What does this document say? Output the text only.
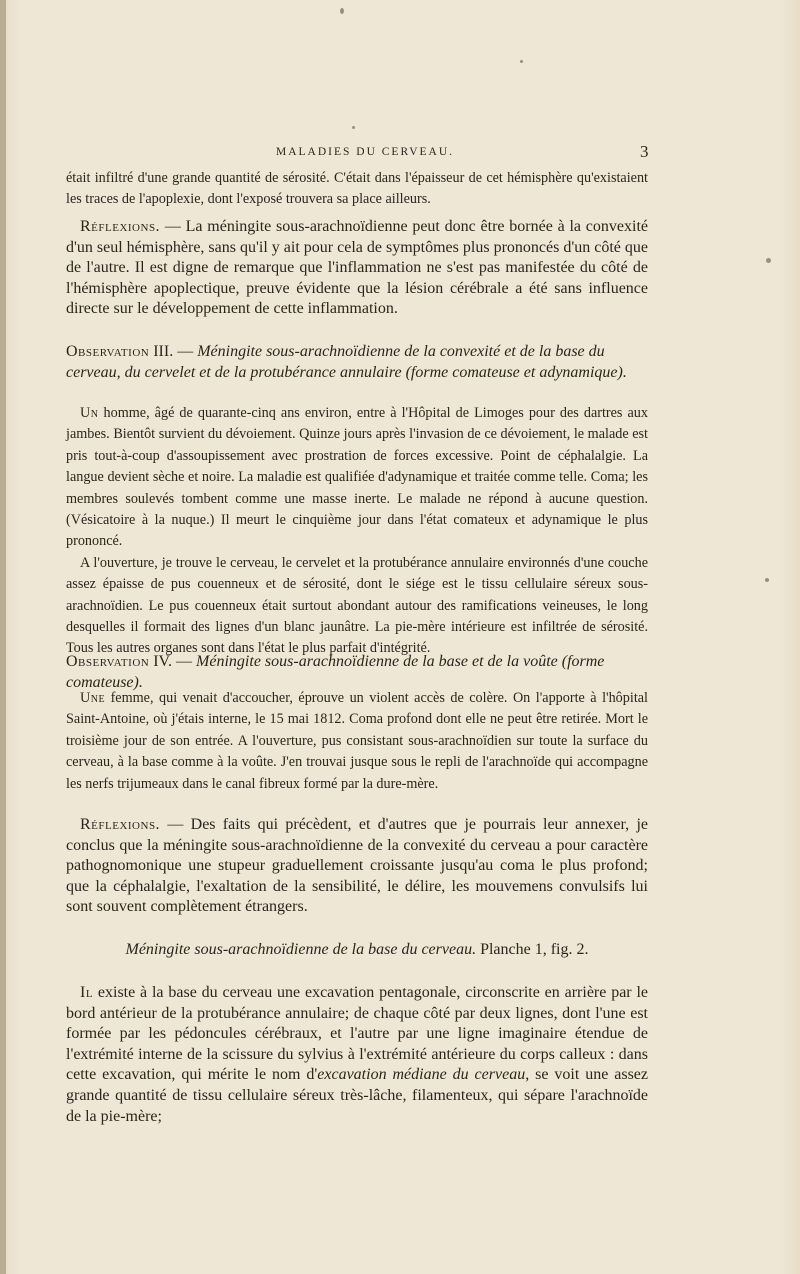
MALADIES DU CERVEAU.	3

était infiltré d'une grande quantité de sérosité. C'était dans l'épaisseur de cet hémisphère qu'existaient les traces de l'apoplexie, dont l'exposé trouvera sa place ailleurs.

Réflexions. — La méningite sous-arachnoïdienne peut donc être bornée à la convexité d'un seul hémisphère, sans qu'il y ait pour cela de symptômes plus prononcés d'un côté que de l'autre. Il est digne de remarque que l'inflammation ne s'est pas manifestée du côté de l'hémisphère apoplectique, preuve évidente que la lésion cérébrale a été sans influence directe sur le développement de cette inflammation.

Observation III. — Méningite sous-arachnoïdienne de la convexité et de la base du cerveau, du cervelet et de la protubérance annulaire (forme comateuse et adynamique).

Un homme, âgé de quarante-cinq ans environ, entre à l'Hôpital de Limoges pour des dartres aux jambes. Bientôt survient du dévoiement. Quinze jours après l'invasion de ce dévoiement, le malade est pris tout-à-coup d'assoupissement avec prostration de forces excessive. Point de céphalalgie. La langue devient sèche et noire. La maladie est qualifiée d'adynamique et traitée comme telle. Coma; les membres soulevés tombent comme une masse inerte. Le malade ne répond à aucune question. (Vésicatoire à la nuque.) Il meurt le cinquième jour dans l'état comateux et adynamique le plus prononcé.

A l'ouverture, je trouve le cerveau, le cervelet et la protubérance annulaire environnés d'une couche assez épaisse de pus couenneux et de sérosité, dont le siége est le tissu cellulaire séreux sous-arachnoïdien. Le pus couenneux était surtout abondant autour des ramifications veineuses, le long desquelles il formait des lignes d'un blanc jaunâtre. La pie-mère intérieure est infiltrée de sérosité. Tous les autres organes sont dans l'état le plus parfait d'intégrité.

Observation IV. — Méningite sous-arachnoïdienne de la base et de la voûte (forme comateuse).

Une femme, qui venait d'accoucher, éprouve un violent accès de colère. On l'apporte à l'hôpital Saint-Antoine, où j'étais interne, le 15 mai 1812. Coma profond dont elle ne peut être retirée. Mort le troisième jour de son entrée. A l'ouverture, pus consistant sous-arachnoïdien sur toute la surface du cerveau, à la base comme à la voûte. J'en trouvai jusque sous le repli de l'arachnoïde qui accompagne les nerfs trijumeaux dans le canal fibreux formé par la dure-mère.

Réflexions. — Des faits qui précèdent, et d'autres que je pourrais leur annexer, je conclus que la méningite sous-arachnoïdienne de la convexité du cerveau a pour caractère pathognomonique une stupeur graduellement croissante jusqu'au coma le plus profond; que la céphalalgie, l'exaltation de la sensibilité, le délire, les mouvemens convulsifs lui sont souvent complètement étrangers.

Méningite sous-arachnoïdienne de la base du cerveau. Planche 1, fig. 2.

Il existe à la base du cerveau une excavation pentagonale, circonscrite en arrière par le bord antérieur de la protubérance annulaire; de chaque côté par deux lignes, dont l'une est formée par les pédoncules cérébraux, et l'autre par une ligne imaginaire étendue de l'extrémité interne de la scissure du sylvius à l'extrémité antérieure du corps calleux : dans cette excavation, qui mérite le nom d'excavation médiane du cerveau, se voit une assez grande quantité de tissu cellulaire séreux très-lâche, filamenteux, qui sépare l'arachnoïde de la pie-mère;
